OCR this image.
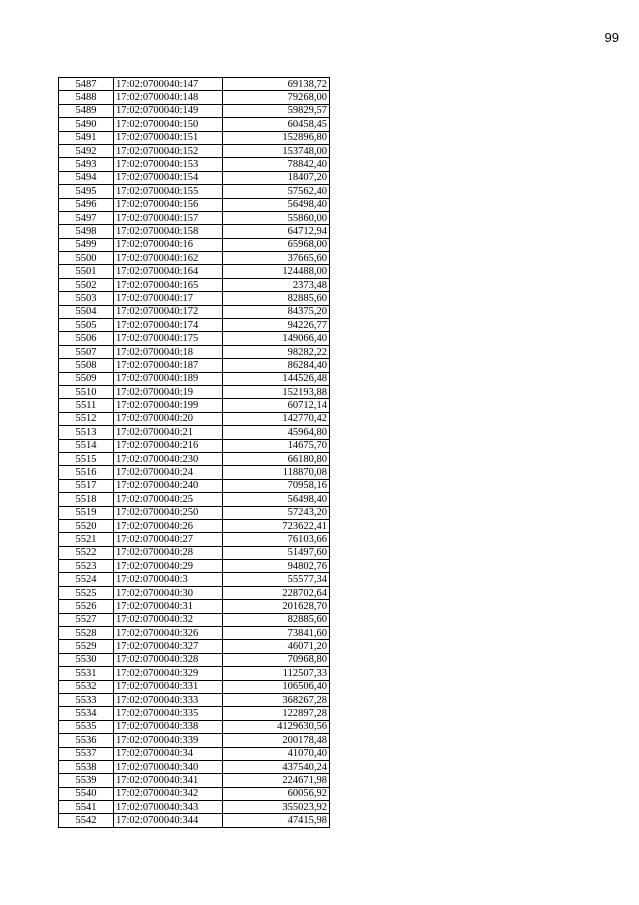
99
5487	17:02:0700040:147	69138,72
5488	17:02:0700040:148	79268,00
5489	17:02:0700040:149	59829,57
5490	17:02:0700040:150	60458,45
5491	17:02:0700040:151	152896,80
5492	17:02:0700040:152	153748,00
5493	17:02:0700040:153	78842,40
5494	17:02:0700040:154	18407,20
5495	17:02:0700040:155	57562,40
5496	17:02:0700040:156	56498,40
5497	17:02:0700040:157	55860,00
5498	17:02:0700040:158	64712,94
5499	17:02:0700040:16	65968,00
5500	17:02:0700040:162	37665,60
5501	17:02:0700040:164	124488,00
5502	17:02:0700040:165	2373,48
5503	17:02:0700040:17	82885,60
5504	17:02:0700040:172	84375,20
5505	17:02:0700040:174	94226,77
5506	17:02:0700040:175	149066,40
5507	17:02:0700040:18	98282,22
5508	17:02:0700040:187	86284,40
5509	17:02:0700040:189	144526,48
5510	17:02:0700040:19	152193,88
5511	17:02:0700040:199	60712,14
5512	17:02:0700040:20	142770,42
5513	17:02:0700040:21	45964,80
5514	17:02:0700040:216	14675,70
5515	17:02:0700040:230	66180,80
5516	17:02:0700040:24	118870,08
5517	17:02:0700040:240	70958,16
5518	17:02:0700040:25	56498,40
5519	17:02:0700040:250	57243,20
5520	17:02:0700040:26	723622,41
5521	17:02:0700040:27	76103,66
5522	17:02:0700040:28	51497,60
5523	17:02:0700040:29	94802,76
5524	17:02:0700040:3	55577,34
5525	17:02:0700040:30	228702,64
5526	17:02:0700040:31	201628,70
5527	17:02:0700040:32	82885,60
5528	17:02:0700040:326	73841,60
5529	17:02:0700040:327	46071,20
5530	17:02:0700040:328	70968,80
5531	17:02:0700040:329	112507,33
5532	17:02:0700040:331	106506,40
5533	17:02:0700040:333	368267,28
5534	17:02:0700040:335	122897,28
5535	17:02:0700040:338	4129630,56
5536	17:02:0700040:339	200178,48
5537	17:02:0700040:34	41070,40
5538	17:02:0700040:340	437540,24
5539	17:02:0700040:341	224671,98
5540	17:02:0700040:342	60056,92
5541	17:02:0700040:343	355023,92
5542	17:02:0700040:344	47415,98
